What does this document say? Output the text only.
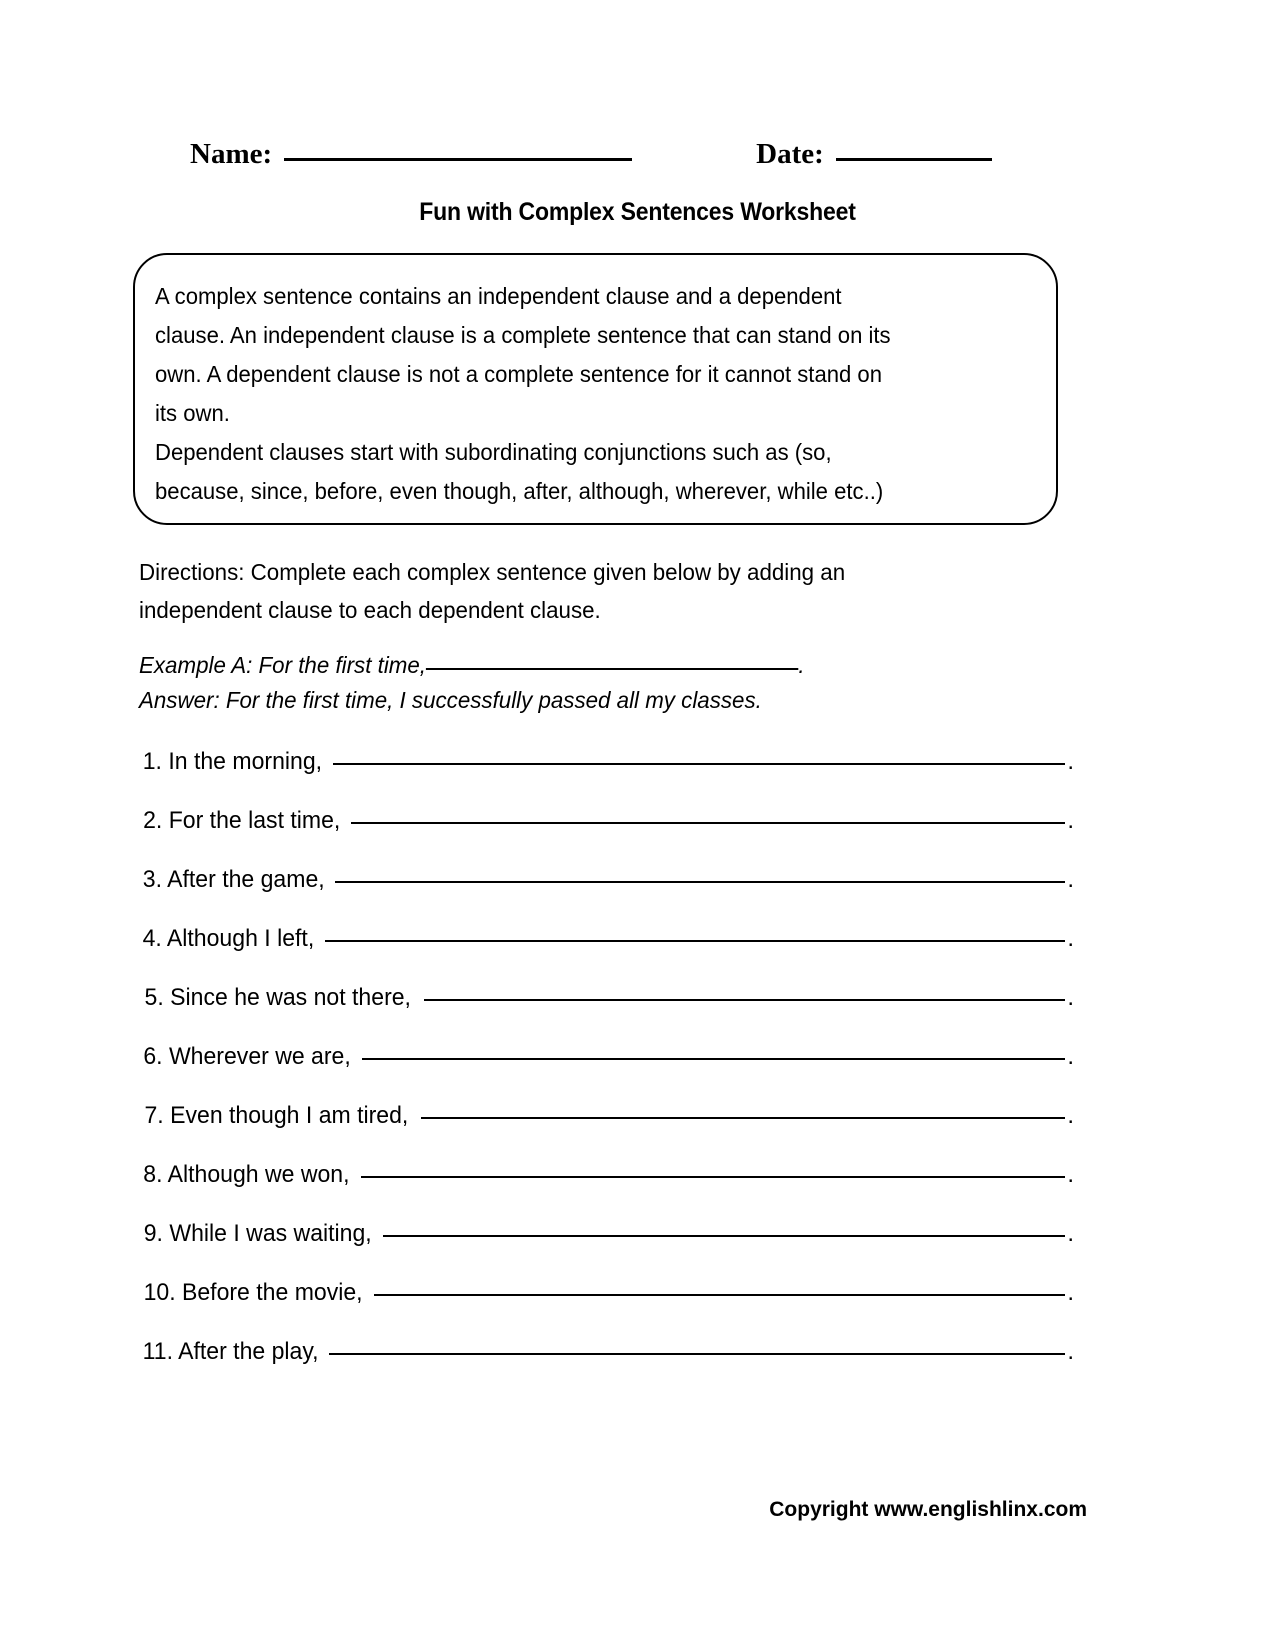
Name:	Date:
Fun with Complex Sentences Worksheet

A complex sentence contains an independent clause and a dependent

clause. An independent clause is a complete sentence that can stand on its

own. A dependent clause is not a complete sentence for it cannot stand on

its own.

Dependent clauses start with subordinating conjunctions such as (so,

because, since, before, even though, after, although, wherever, while etc..)

Directions: Complete each complex sentence given below by adding an

independent clause to each dependent clause.

Example A: For the first time,	.
Answer: For the first time, I successfully passed all my classes.
1. In the morning,	.
2. For the last time,	.
3. After the game,	.
4. Although I left,	.
5. Since he was not there,	.
6. Wherever we are,	.
7. Even though I am tired,	.
8. Although we won,	.
9. While I was waiting,	.
10. Before the movie,	.
11. After the play,	.
Copyright www.englishlinx.com
